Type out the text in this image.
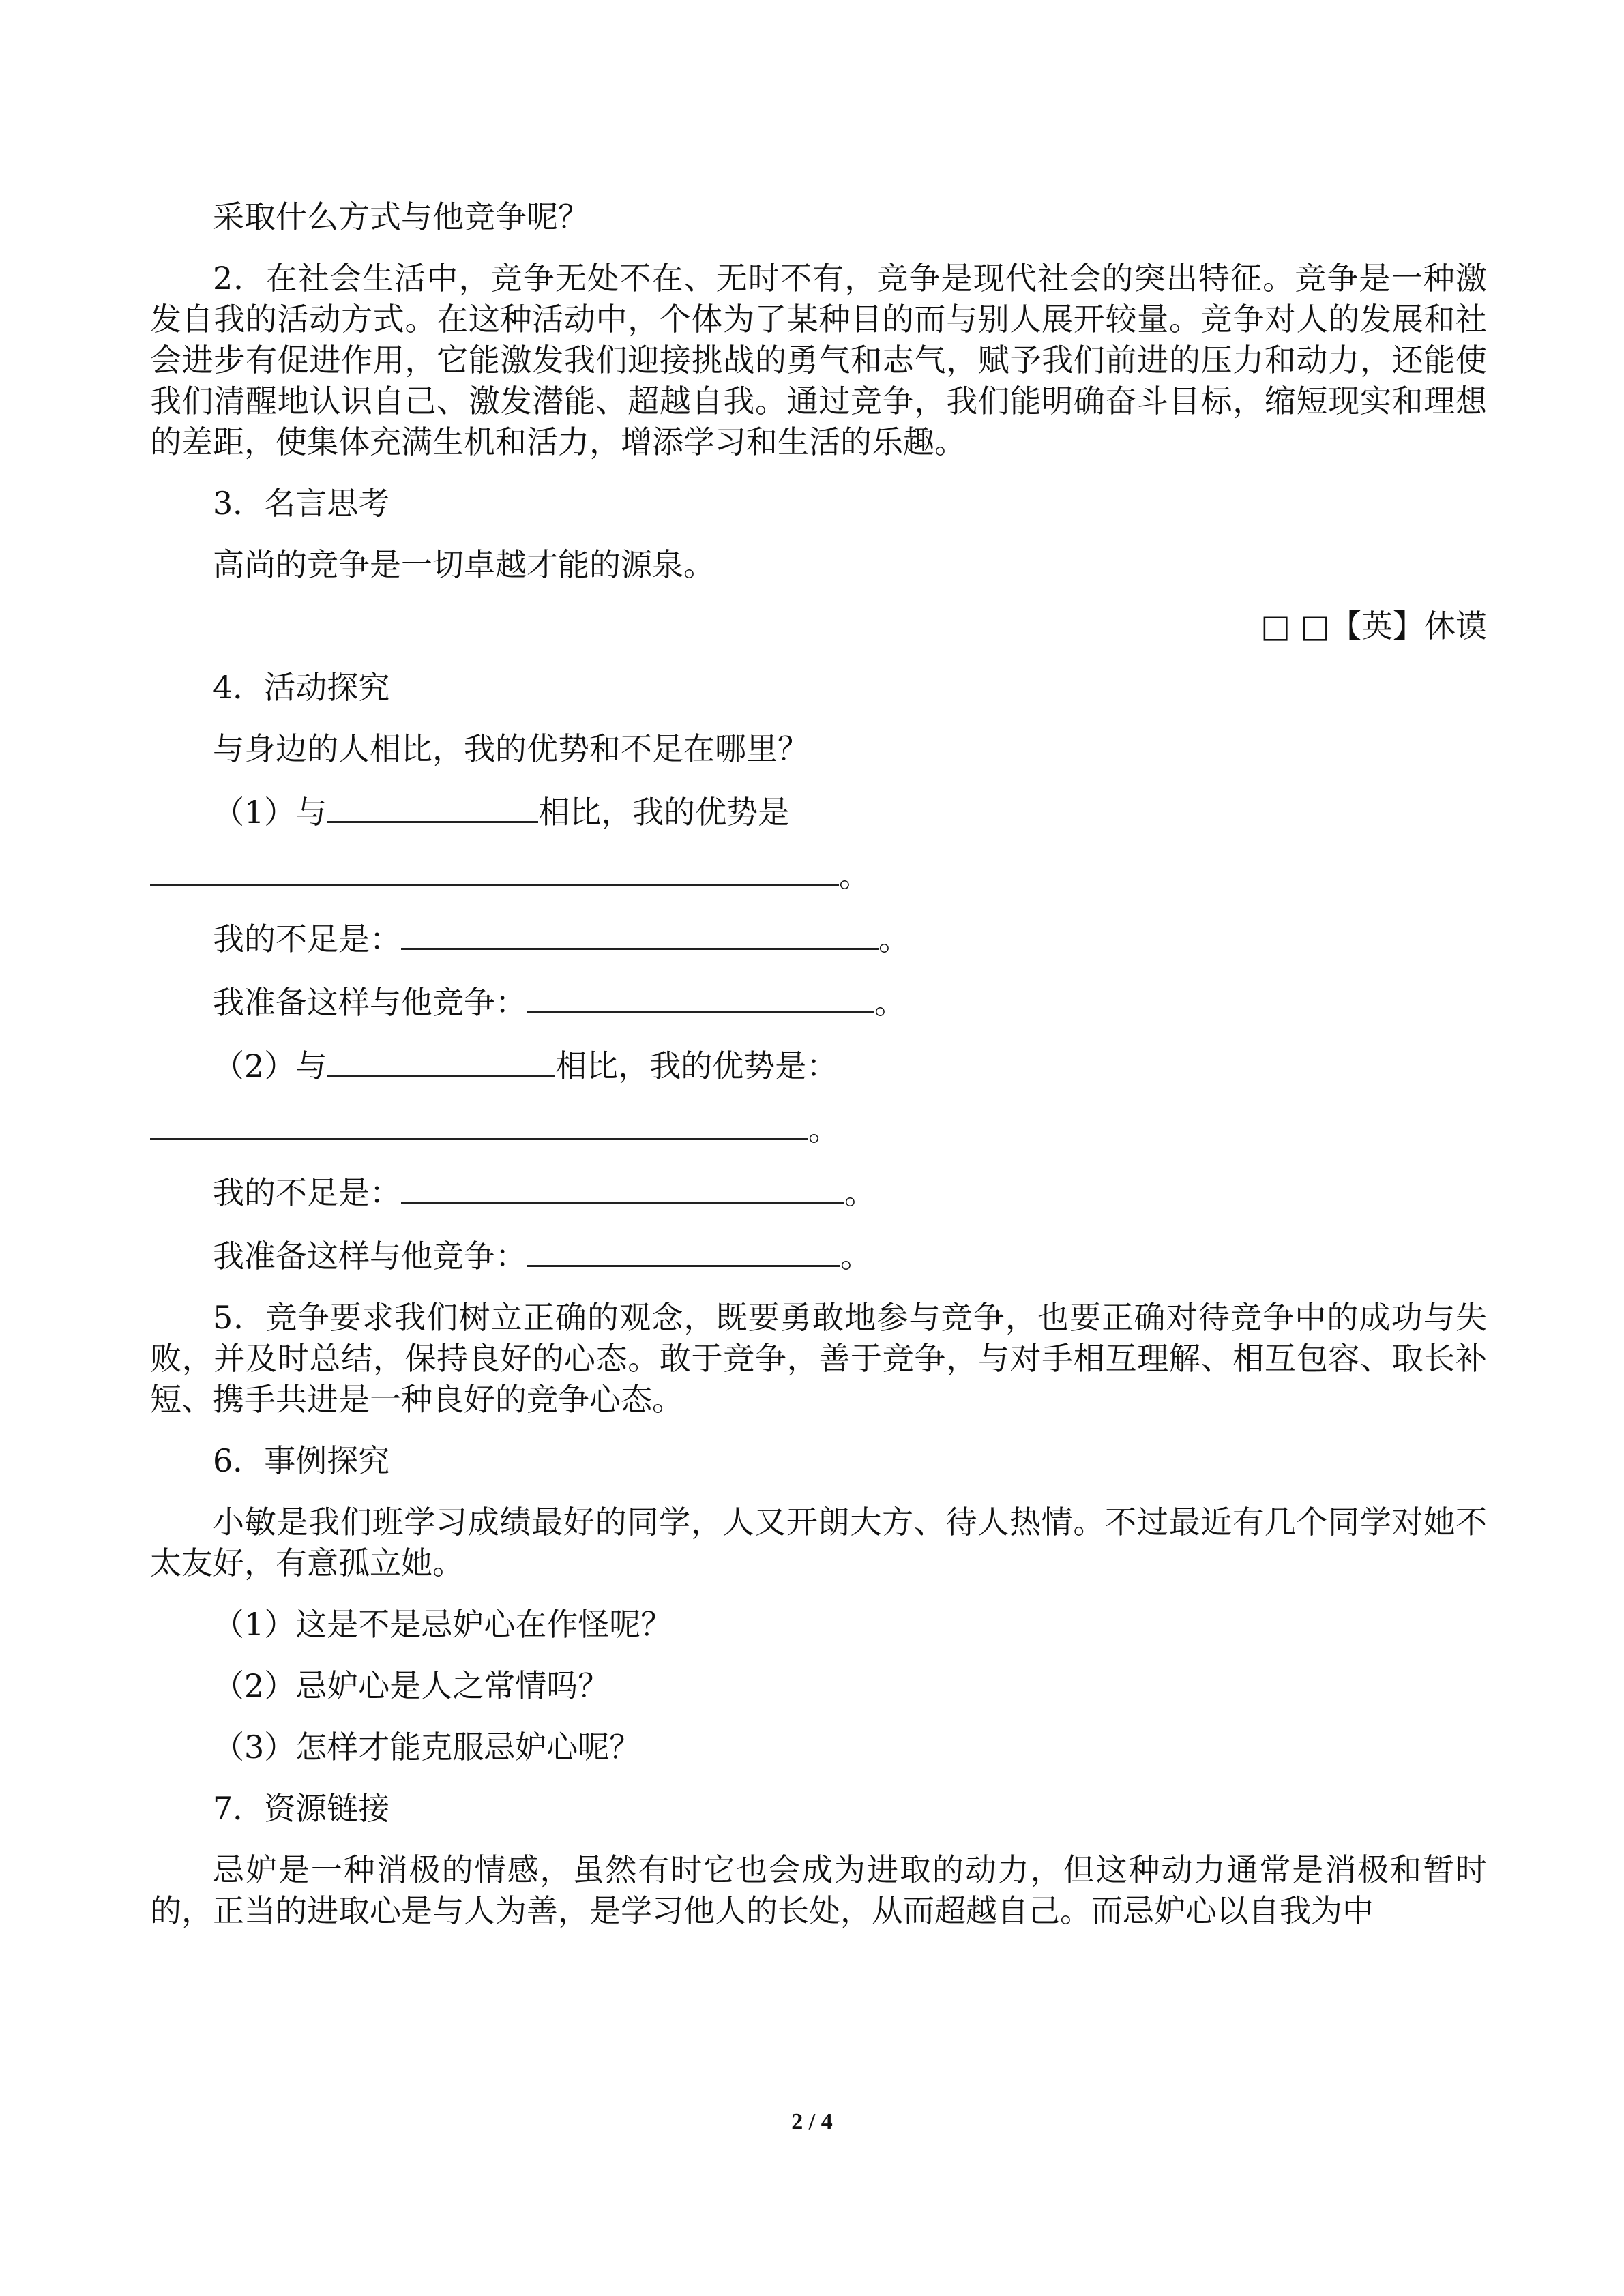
采取什么方式与他竞争呢？

2．在社会生活中，竞争无处不在、无时不有，竞争是现代社会的突出特征。竞争是一种激发自我的活动方式。在这种活动中，个体为了某种目的而与别人展开较量。竞争对人的发展和社会进步有促进作用，它能激发我们迎接挑战的勇气和志气，赋予我们前进的压力和动力，还能使我们清醒地认识自己、激发潜能、超越自我。通过竞争，我们能明确奋斗目标，缩短现实和理想的差距，使集体充满生机和活力，增添学习和生活的乐趣。

3．名言思考

高尚的竞争是一切卓越才能的源泉。

□ □【英】休谟

4．活动探究

与身边的人相比，我的优势和不足在哪里？

（1）与	相比，我的优势是

。

我的不足是：	。

我准备这样与他竞争：	。

（2）与	相比，我的优势是：

。

我的不足是：	。

我准备这样与他竞争：	。

5．竞争要求我们树立正确的观念，既要勇敢地参与竞争，也要正确对待竞争中的成功与失败，并及时总结，保持良好的心态。敢于竞争，善于竞争，与对手相互理解、相互包容、取长补短、携手共进是一种良好的竞争心态。

6．事例探究

小敏是我们班学习成绩最好的同学，人又开朗大方、待人热情。不过最近有几个同学对她不太友好，有意孤立她。

（1）这是不是忌妒心在作怪呢？

（2）忌妒心是人之常情吗？

（3）怎样才能克服忌妒心呢？

7．资源链接

忌妒是一种消极的情感，虽然有时它也会成为进取的动力，但这种动力通常是消极和暂时的，正当的进取心是与人为善，是学习他人的长处，从而超越自己。而忌妒心以自我为中

2 / 4
